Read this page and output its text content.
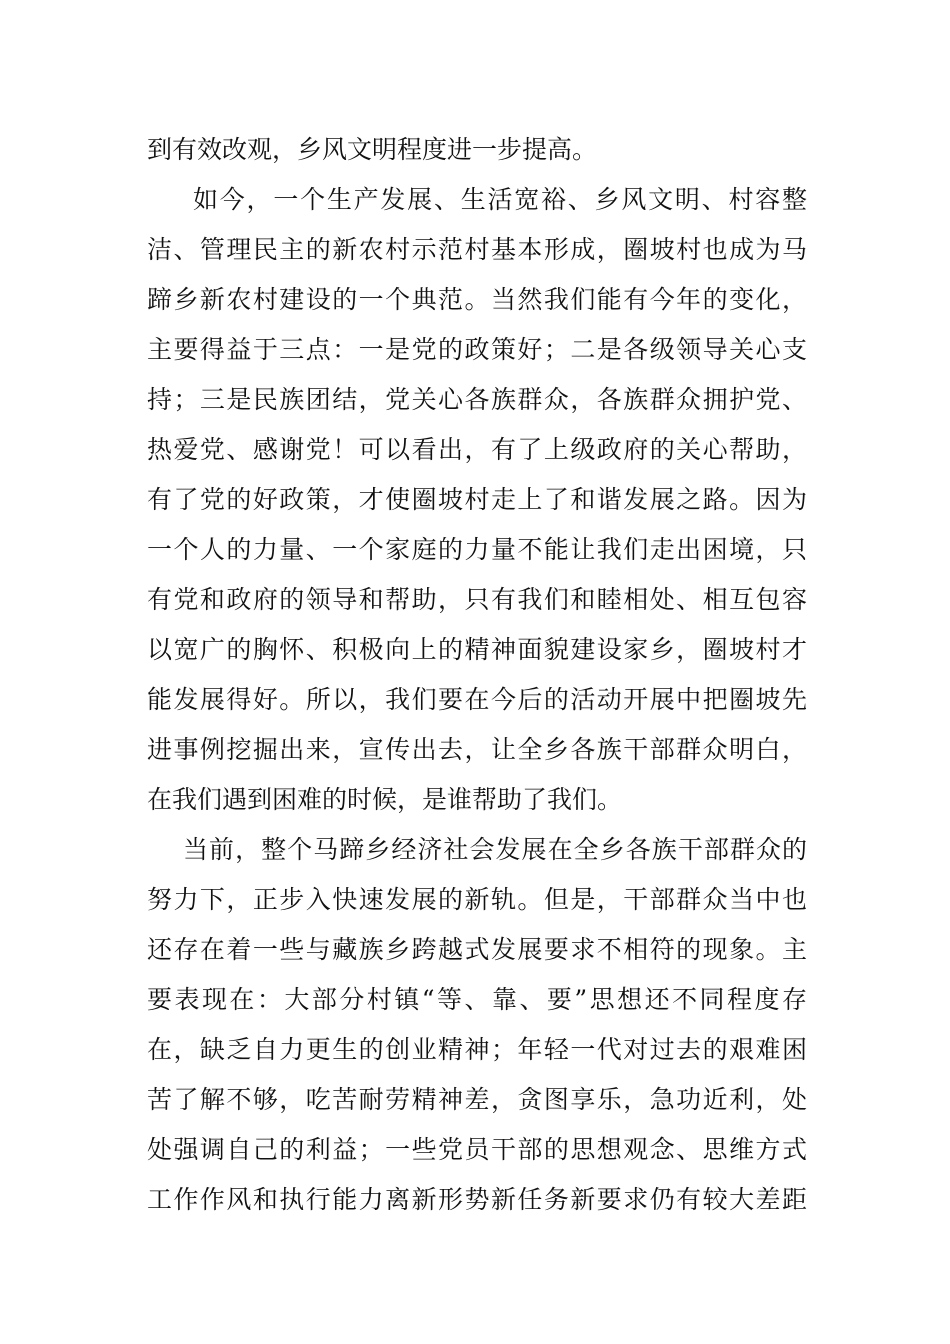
到有效改观，乡风文明程度进一步提高。
如今，一个生产发展、生活宽裕、乡风文明、村容整
洁、管理民主的新农村示范村基本形成，圈坡村也成为马
蹄乡新农村建设的一个典范。当然我们能有今年的变化，
主要得益于三点：一是党的政策好；二是各级领导关心支
持；三是民族团结，党关心各族群众，各族群众拥护党、
热爱党、感谢党！可以看出，有了上级政府的关心帮助，
有了党的好政策，才使圈坡村走上了和谐发展之路。因为
一个人的力量、一个家庭的力量不能让我们走出困境，只
有党和政府的领导和帮助，只有我们和睦相处、相互包容
以宽广的胸怀、积极向上的精神面貌建设家乡，圈坡村才
能发展得好。所以，我们要在今后的活动开展中把圈坡先
进事例挖掘出来，宣传出去，让全乡各族干部群众明白，
在我们遇到困难的时候，是谁帮助了我们。
当前，整个马蹄乡经济社会发展在全乡各族干部群众的
努力下，正步入快速发展的新轨。但是，干部群众当中也
还存在着一些与藏族乡跨越式发展要求不相符的现象。主
要表现在：大部分村镇“等、靠、要”思想还不同程度存
在，缺乏自力更生的创业精神；年轻一代对过去的艰难困
苦了解不够，吃苦耐劳精神差，贪图享乐，急功近利，处
处强调自己的利益；一些党员干部的思想观念、思维方式
工作作风和执行能力离新形势新任务新要求仍有较大差距
